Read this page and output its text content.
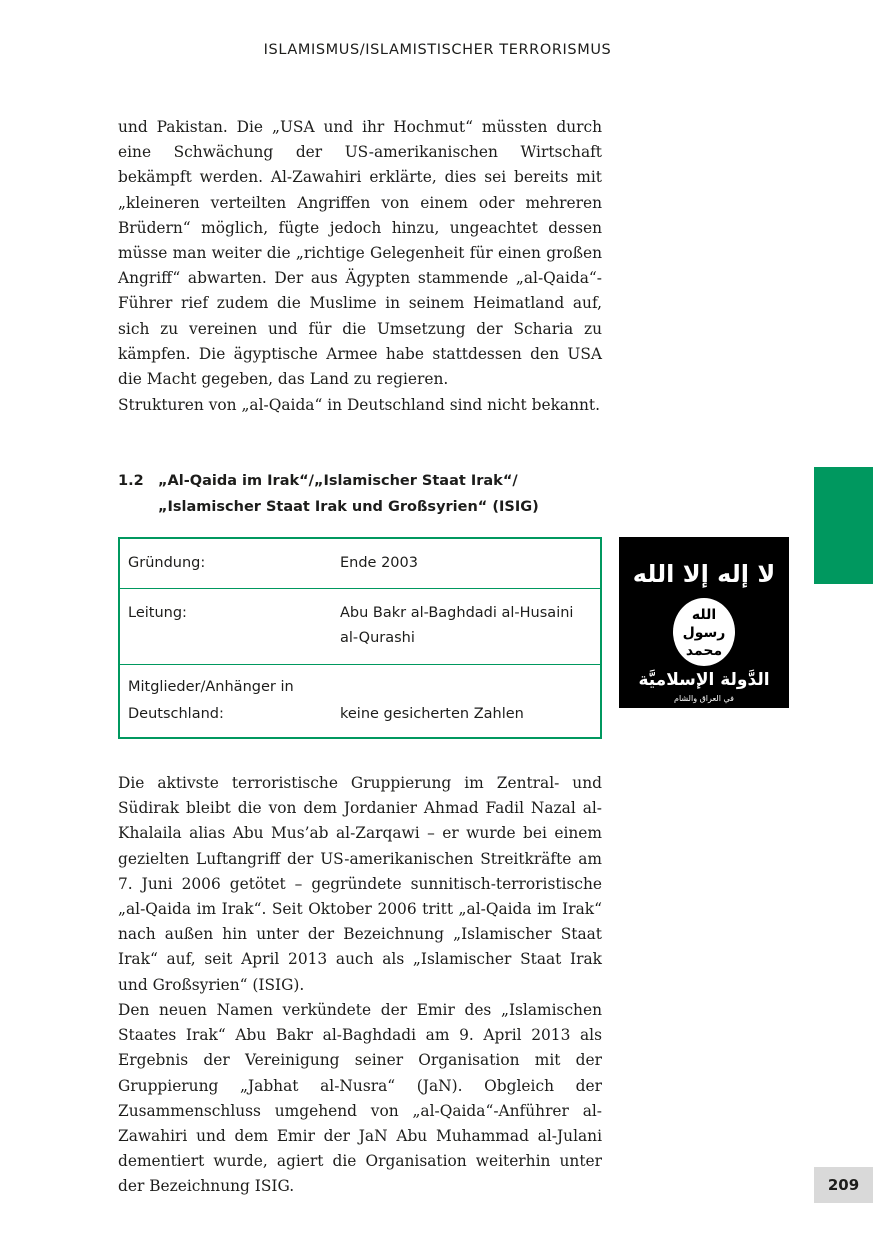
ISLAMISMUS/ISLAMISTISCHER TERRORISMUS

und Pakistan. Die „USA und ihr Hochmut“ müssten durch eine Schwächung der US-amerikanischen Wirtschaft bekämpft werden. Al-Zawahiri erklärte, dies sei bereits mit „kleineren verteilten Angriffen von einem oder mehreren Brüdern“ möglich, fügte jedoch hinzu, ungeachtet dessen müsse man weiter die „richtige Gelegenheit für einen großen Angriff“ abwarten. Der aus Ägypten stammende „al-Qaida“-Führer rief zudem die Muslime in seinem Heimatland auf, sich zu vereinen und für die Umsetzung der Scharia zu kämpfen. Die ägyptische Armee habe stattdessen den USA die Macht gegeben, das Land zu regieren.

Strukturen von „al-Qaida“ in Deutschland sind nicht bekannt.

1.2 „Al-Qaida im Irak“/„Islamischer Staat Irak“/
„Islamischer Staat Irak und Großsyrien“ (ISIG)
Gründung:	Ende 2003
Leitung:	Abu Bakr al-Baghdadi al-Husaini
al-Qurashi
Mitglieder/Anhänger in
Deutschland:	keine gesicherten Zahlen
لا إله إلا الله
الله
رسول
محمد
الدَّولة الإسلاميَّة
في العراق والشام

Die aktivste terroristische Gruppierung im Zentral- und Südirak bleibt die von dem Jordanier Ahmad Fadil Nazal al-Khalaila alias Abu Mus’ab al-Zarqawi – er wurde bei einem gezielten Luftangriff der US-amerikanischen Streitkräfte am 7. Juni 2006 getötet – gegründete sunnitisch-terroristische „al-Qaida im Irak“. Seit Oktober 2006 tritt „al-Qaida im Irak“ nach außen hin unter der Bezeichnung „Islamischer Staat Irak“ auf, seit April 2013 auch als „Islamischer Staat Irak und Großsyrien“ (ISIG).

Den neuen Namen verkündete der Emir des „Islamischen Staates Irak“ Abu Bakr al-Baghdadi am 9. April 2013 als Ergebnis der Vereinigung seiner Organisation mit der Gruppierung „Jabhat al-Nusra“ (JaN). Obgleich der Zusammenschluss umgehend von „al-Qaida“-Anführer al-Zawahiri und dem Emir der JaN Abu Muhammad al-Julani dementiert wurde, agiert die Organisation weiterhin unter der Bezeichnung ISIG.	209
